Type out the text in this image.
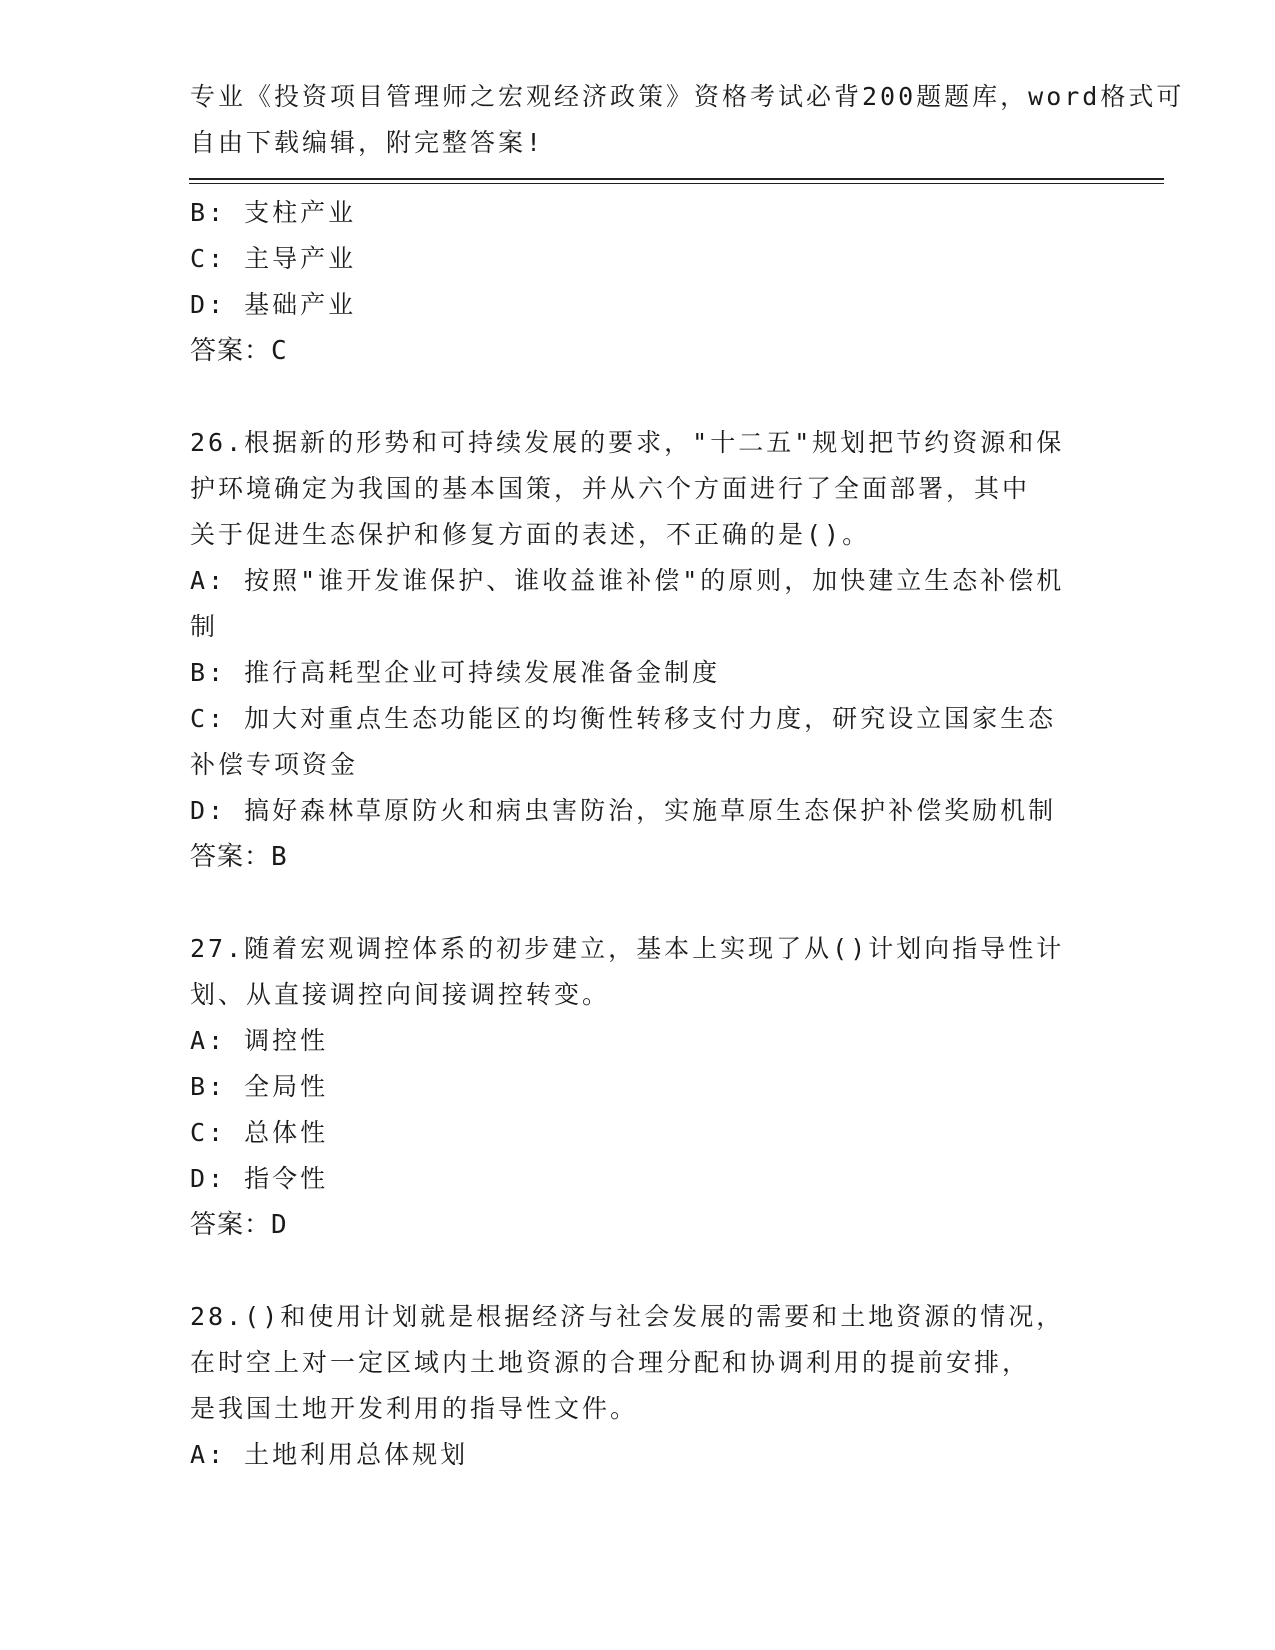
专业《投资项目管理师之宏观经济政策》资格考试必背200题题库，word格式可
自由下载编辑，附完整答案!
B: 支柱产业
C: 主导产业
D: 基础产业
答案：C
26.根据新的形势和可持续发展的要求，"十二五"规划把节约资源和保
护环境确定为我国的基本国策，并从六个方面进行了全面部署，其中
关于促进生态保护和修复方面的表述，不正确的是()。
A: 按照"谁开发谁保护、谁收益谁补偿"的原则，加快建立生态补偿机
制
B: 推行高耗型企业可持续发展准备金制度
C: 加大对重点生态功能区的均衡性转移支付力度，研究设立国家生态
补偿专项资金
D: 搞好森林草原防火和病虫害防治，实施草原生态保护补偿奖励机制
答案：B
27.随着宏观调控体系的初步建立，基本上实现了从()计划向指导性计
划、从直接调控向间接调控转变。
A: 调控性
B: 全局性
C: 总体性
D: 指令性
答案：D
28.()和使用计划就是根据经济与社会发展的需要和土地资源的情况，
在时空上对一定区域内土地资源的合理分配和协调利用的提前安排，
是我国土地开发利用的指导性文件。
A: 土地利用总体规划
